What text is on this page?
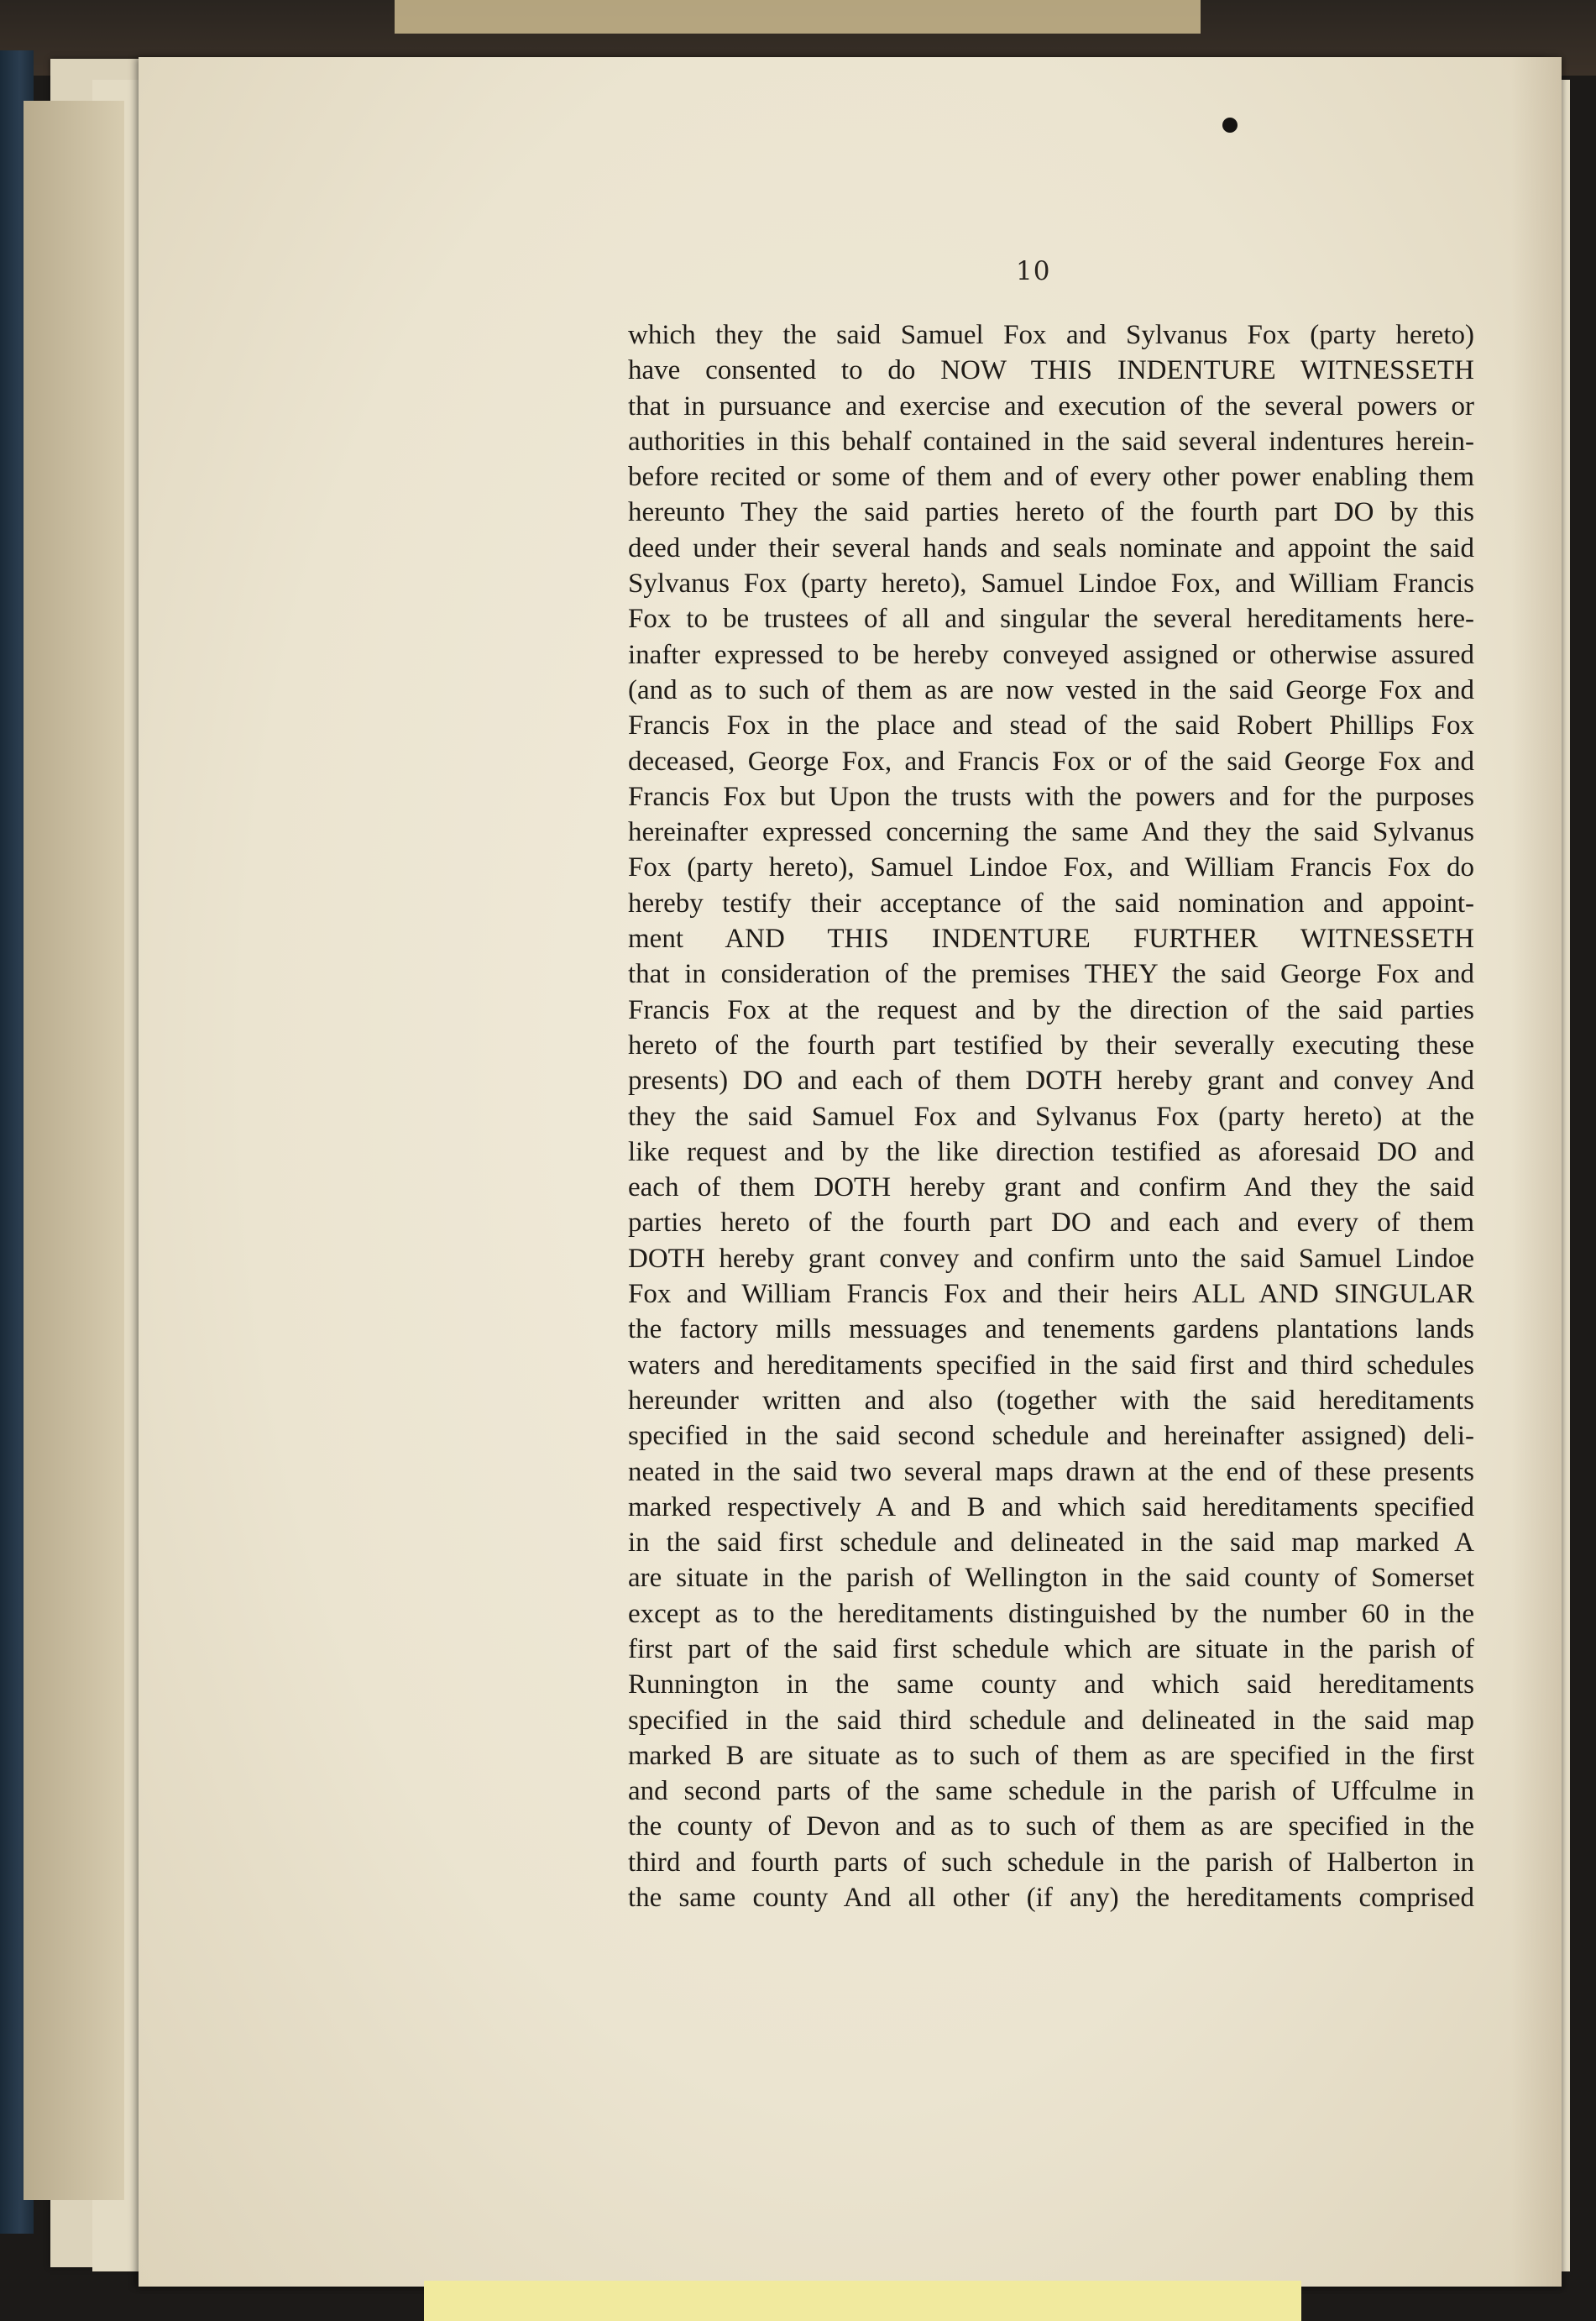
10
which they the said Samuel Fox and Sylvanus Fox (party hereto)
have consented to do NOW THIS INDENTURE WITNESSETH
that in pursuance and exercise and execution of the several powers or
authorities in this behalf contained in the said several indentures herein-
before recited or some of them and of every other power enabling them
hereunto They the said parties hereto of the fourth part DO by this
deed under their several hands and seals nominate and appoint the said
Sylvanus Fox (party hereto), Samuel Lindoe Fox, and William Francis
Fox to be trustees of all and singular the several hereditaments here-
inafter expressed to be hereby conveyed assigned or otherwise assured
(and as to such of them as are now vested in the said George Fox and
Francis Fox in the place and stead of the said Robert Phillips Fox
deceased, George Fox, and Francis Fox or of the said George Fox and
Francis Fox but Upon the trusts with the powers and for the purposes
hereinafter expressed concerning the same And they the said Sylvanus
Fox (party hereto), Samuel Lindoe Fox, and William Francis Fox do
hereby testify their acceptance of the said nomination and appoint-
ment AND THIS INDENTURE FURTHER WITNESSETH
that in consideration of the premises THEY the said George Fox and
Francis Fox at the request and by the direction of the said parties
hereto of the fourth part testified by their severally executing these
presents) DO and each of them DOTH hereby grant and convey And
they the said Samuel Fox and Sylvanus Fox (party hereto) at the
like request and by the like direction testified as aforesaid DO and
each of them DOTH hereby grant and confirm And they the said
parties hereto of the fourth part DO and each and every of them
DOTH hereby grant convey and confirm unto the said Samuel Lindoe
Fox and William Francis Fox and their heirs ALL AND SINGULAR
the factory mills messuages and tenements gardens plantations lands
waters and hereditaments specified in the said first and third schedules
hereunder written and also (together with the said hereditaments
specified in the said second schedule and hereinafter assigned) deli-
neated in the said two several maps drawn at the end of these presents
marked respectively A and B and which said hereditaments specified
in the said first schedule and delineated in the said map marked A
are situate in the parish of Wellington in the said county of Somerset
except as to the hereditaments distinguished by the number 60 in the
first part of the said first schedule which are situate in the parish of
Runnington in the same county and which said hereditaments
specified in the said third schedule and delineated in the said map
marked B are situate as to such of them as are specified in the first
and second parts of the same schedule in the parish of Uffculme in
the county of Devon and as to such of them as are specified in the
third and fourth parts of such schedule in the parish of Halberton in
the same county And all other (if any) the hereditaments comprised
